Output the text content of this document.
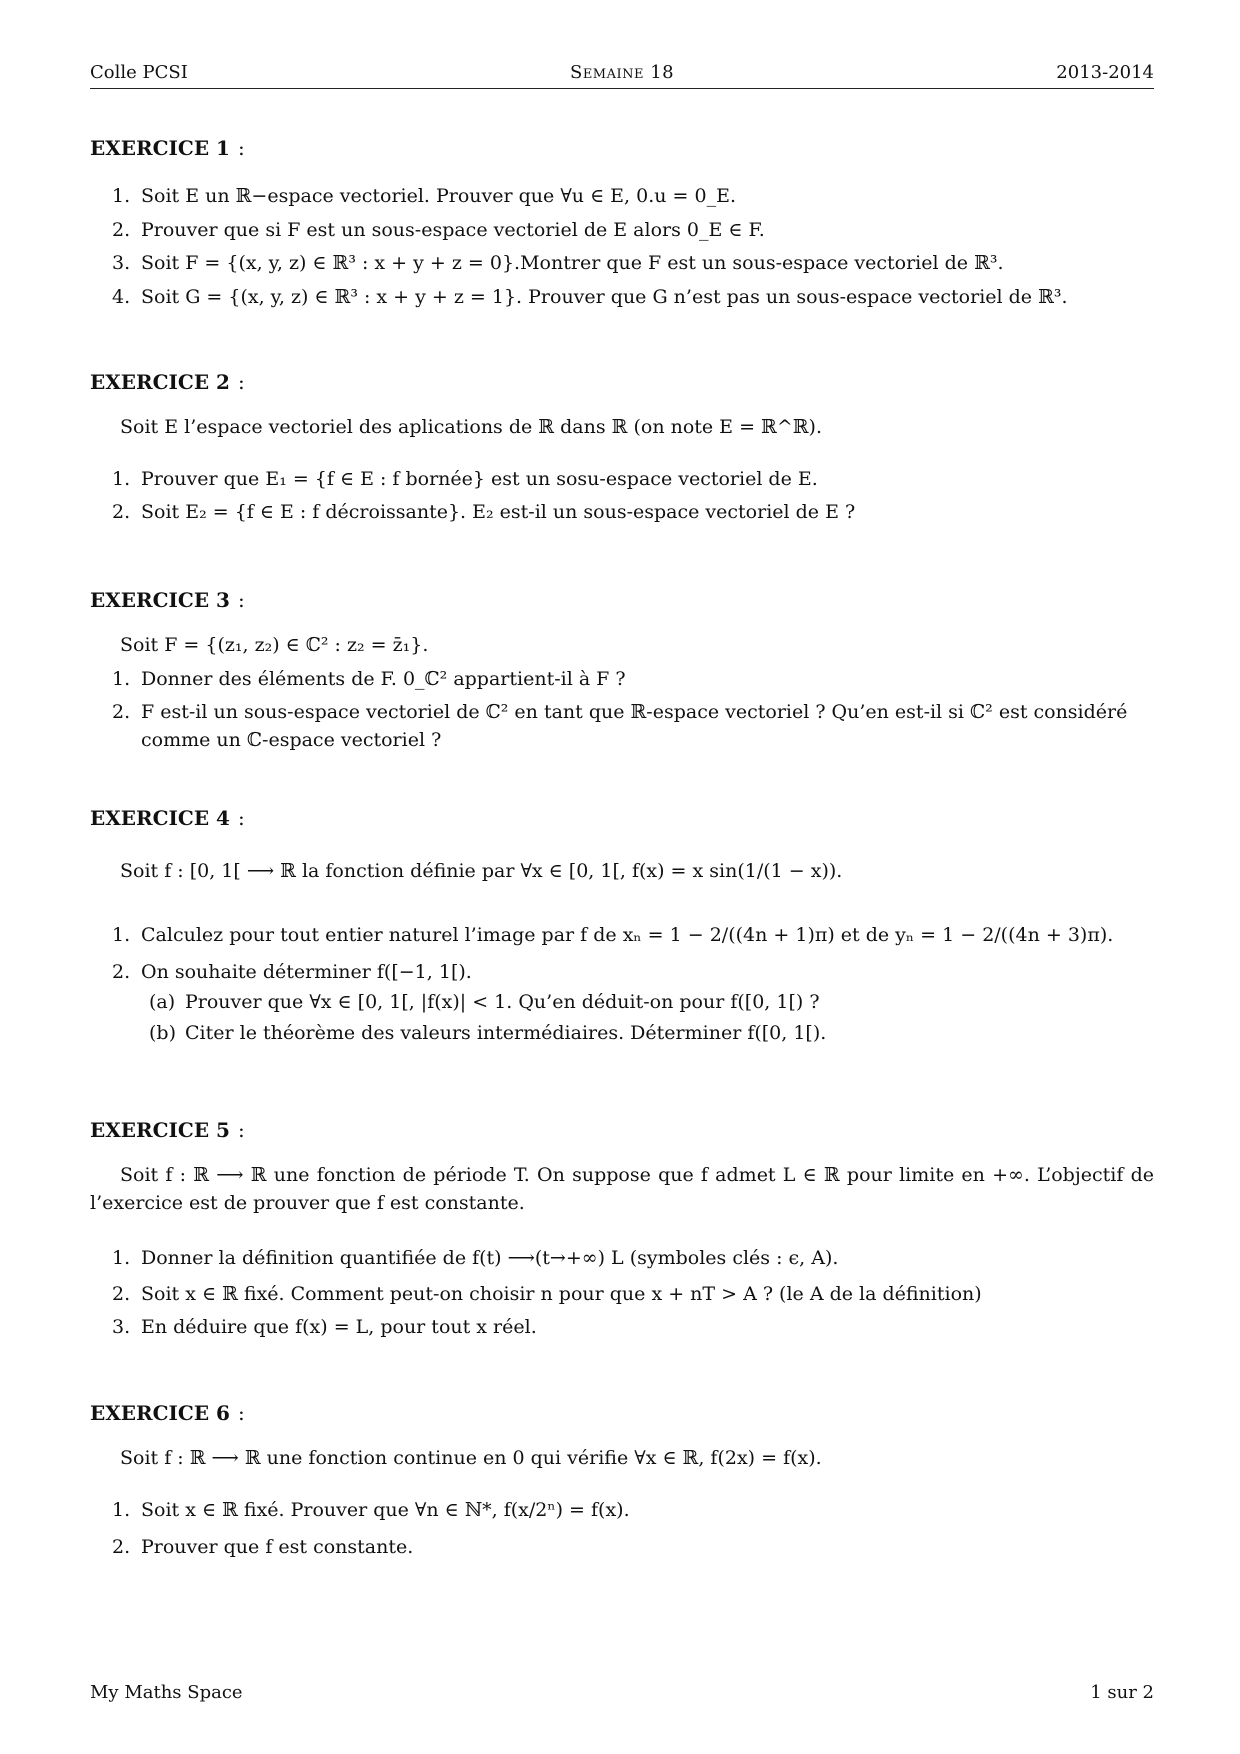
Colle PCSI	Semaine 18	2013-2014

EXERCICE 1 :

1. Soit E un ℝ−espace vectoriel. Prouver que ∀u ∈ E, 0.u = 0_E.
2. Prouver que si F est un sous-espace vectoriel de E alors 0_E ∈ F.
3. Soit F = {(x, y, z) ∈ ℝ³ : x + y + z = 0}.Montrer que F est un sous-espace vectoriel de ℝ³.
4. Soit G = {(x, y, z) ∈ ℝ³ : x + y + z = 1}. Prouver que G n’est pas un sous-espace vectoriel de ℝ³.

EXERCICE 2 :

Soit E l’espace vectoriel des aplications de ℝ dans ℝ (on note E = ℝ^ℝ).
1. Prouver que E₁ = {f ∈ E : f bornée} est un sosu-espace vectoriel de E.
2. Soit E₂ = {f ∈ E : f décroissante}. E₂ est-il un sous-espace vectoriel de E ?

EXERCICE 3 :

Soit F = {(z₁, z₂) ∈ ℂ² : z₂ = z̄₁}.
1. Donner des éléments de F. 0_ℂ² appartient-il à F ?
2. F est-il un sous-espace vectoriel de ℂ² en tant que ℝ-espace vectoriel ? Qu’en est-il si ℂ² est considéré comme un ℂ-espace vectoriel ?

EXERCICE 4 :

Soit f : [0, 1[ ⟶ ℝ la fonction définie par ∀x ∈ [0, 1[, f(x) = x sin(1/(1 − x)).
1. Calculez pour tout entier naturel l’image par f de xₙ = 1 − 2/((4n + 1)π) et de yₙ = 1 − 2/((4n + 3)π).
2. On souhaite déterminer f([−1, 1[).
(a) Prouver que ∀x ∈ [0, 1[, |f(x)| < 1. Qu’en déduit-on pour f([0, 1[) ?
(b) Citer le théorème des valeurs intermédiaires. Déterminer f([0, 1[).

EXERCICE 5 :

Soit f : ℝ ⟶ ℝ une fonction de période T. On suppose que f admet L ∈ ℝ pour limite en +∞. L’objectif de l’exercice est de prouver que f est constante.
1. Donner la définition quantifiée de f(t) ⟶(t→+∞) L (symboles clés : ϵ, A).
2. Soit x ∈ ℝ fixé. Comment peut-on choisir n pour que x + nT > A ? (le A de la définition)
3. En déduire que f(x) = L, pour tout x réel.

EXERCICE 6 :

Soit f : ℝ ⟶ ℝ une fonction continue en 0 qui vérifie ∀x ∈ ℝ, f(2x) = f(x).
1. Soit x ∈ ℝ fixé. Prouver que ∀n ∈ ℕ*, f(x/2ⁿ) = f(x).
2. Prouver que f est constante.
My Maths Space	1 sur 2
